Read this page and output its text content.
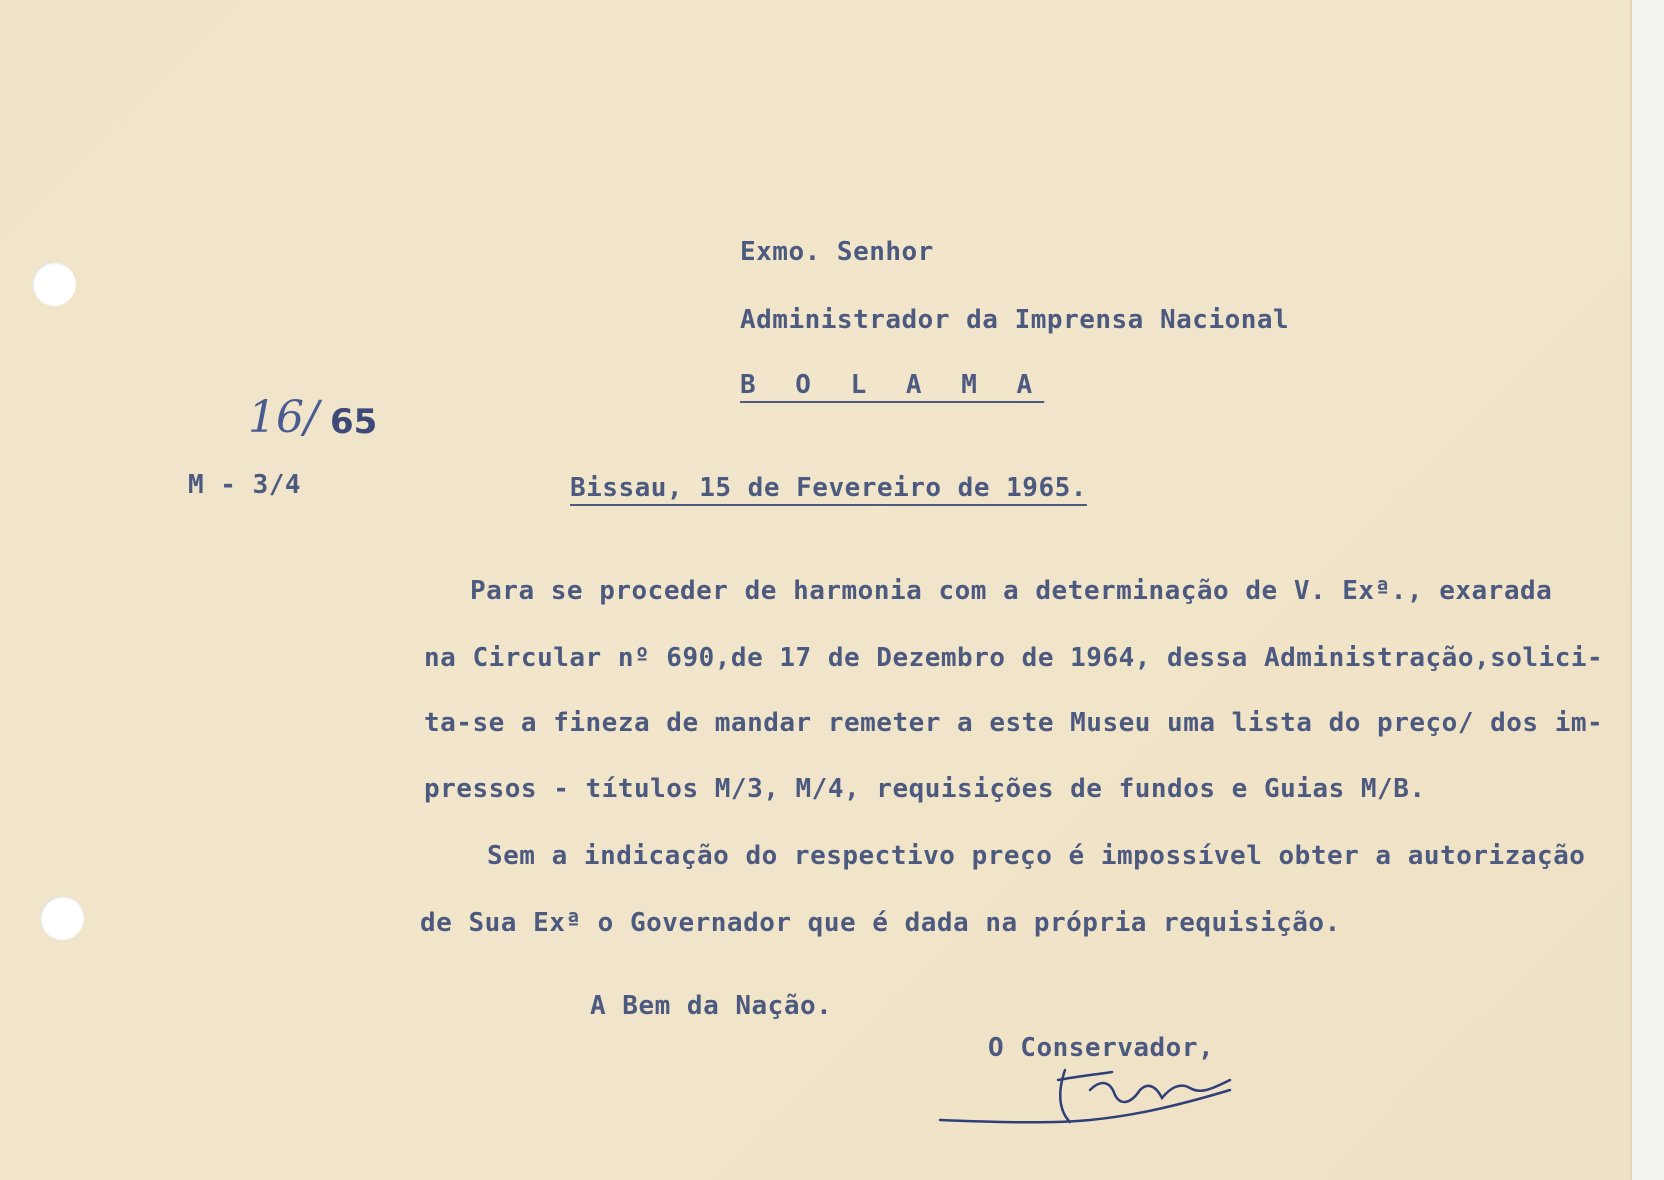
Exmo. Senhor
Administrador da Imprensa Nacional
B O L A M A
16/ 65
M - 3/4	Bissau, 15 de Fevereiro de 1965.
Para se proceder de harmonia com a determinação de V. Exª., exarada
na Circular nº 690,de 17 de Dezembro de 1964, dessa Administração,solici-
ta-se a fineza de mandar remeter a este Museu uma lista do preço/ dos im-
pressos - títulos M/3, M/4, requisições de fundos e Guias M/B.
Sem a indicação do respectivo preço é impossível obter a autorização
de Sua Exª o Governador que é dada na própria requisição.
A Bem da Nação.
O Conservador,
